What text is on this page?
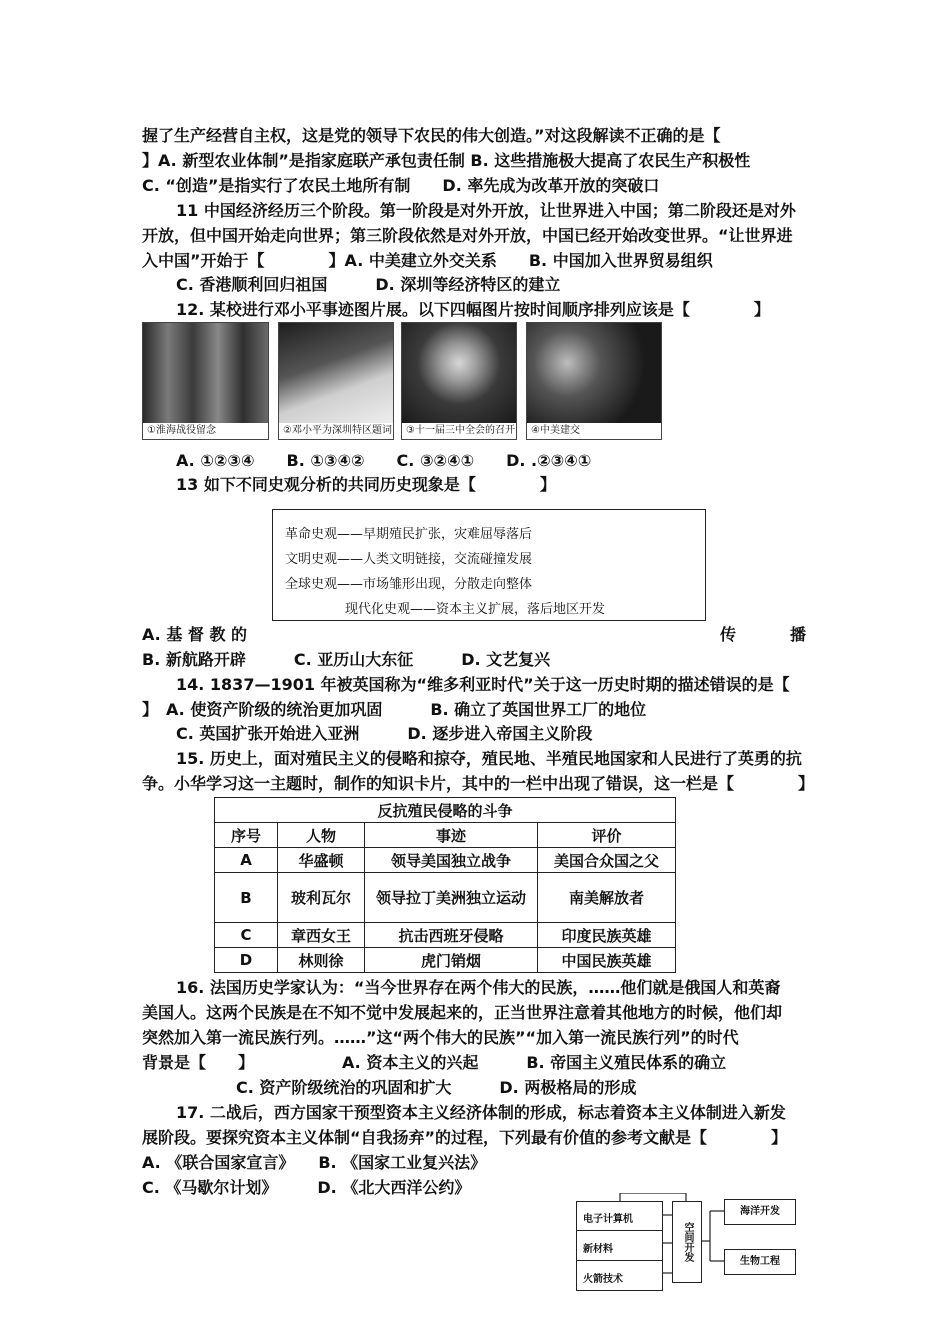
握了生产经营自主权，这是党的领导下农民的伟大创造。”对这段解读不正确的是【
】A. 新型农业体制”是指家庭联产承包责任制 B. 这些措施极大提高了农民生产积极性
C. “创造”是指实行了农民土地所有制　　D. 率先成为改革开放的突破口
11 中国经济经历三个阶段。第一阶段是对外开放，让世界进入中国；第二阶段还是对外
开放，但中国开始走向世界；第三阶段依然是对外开放，中国已经开始改变世界。“让世界进
入中国”开始于【　　　　】A. 中美建立外交关系　　B. 中国加入世界贸易组织
C. 香港顺利回归祖国　　　D. 深圳等经济特区的建立
12. 某校进行邓小平事迹图片展。以下四幅图片按时间顺序排列应该是【　　　　】
①淮海战役留念	②邓小平为深圳特区题词	③十一届三中全会的召开	④中美建交
A. ①②③④　　B. ①③④②　　C. ③②④①　　D. .②③④①
13 如下不同史观分析的共同历史现象是【　　　　】
革命史观——早期殖民扩张，灾难屈辱落后
文明史观——人类文明链接，交流碰撞发展
全球史观——市场雏形出现，分散走向整体
现代化史观——资本主义扩展，落后地区开发
A. 基 督 教 的	传	播
B. 新航路开辟　　　C. 亚历山大东征　　　D. 文艺复兴
14. 1837—1901 年被英国称为“维多利亚时代”关于这一历史时期的描述错误的是【
】　A. 使资产阶级的统治更加巩固　　　B. 确立了英国世界工厂的地位
C. 英国扩张开始进入亚洲　　　D. 逐步进入帝国主义阶段
15. 历史上，面对殖民主义的侵略和掠夺，殖民地、半殖民地国家和人民进行了英勇的抗
争。小华学习这一主题时，制作的知识卡片，其中的一栏中出现了错误，这一栏是【　　　　】
反抗殖民侵略的斗争			
序号	人物	事迹	评价
A	华盛顿	领导美国独立战争	美国合众国之父
B	玻利瓦尔	领导拉丁美洲独立运动	南美解放者
C	章西女王	抗击西班牙侵略	印度民族英雄
D	林则徐	虎门销烟	中国民族英雄
16. 法国历史学家认为：“当今世界存在两个伟大的民族，……他们就是俄国人和英裔
美国人。这两个民族是在不知不觉中发展起来的，正当世界注意着其他地方的时候，他们却
突然加入第一流民族行列。……”这“两个伟大的民族”“加入第一流民族行列”的时代
背景是【　　】　　　　　　A. 资本主义的兴起　　　B. 帝国主义殖民体系的确立
C. 资产阶级统治的巩固和扩大　　　D. 两极格局的形成
17. 二战后，西方国家干预型资本主义经济体制的形成，标志着资本主义体制进入新发
展阶段。要探究资本主义体制“自我扬弃”的过程，下列最有价值的参考文献是【　　　　】
A. 《联合国家宣言》　　B. 《国家工业复兴法》
C. 《马歇尔计划》　　　D. 《北大西洋公约》
电子计算机
新材料
火箭技术
空间开发
海洋开发
生物工程
